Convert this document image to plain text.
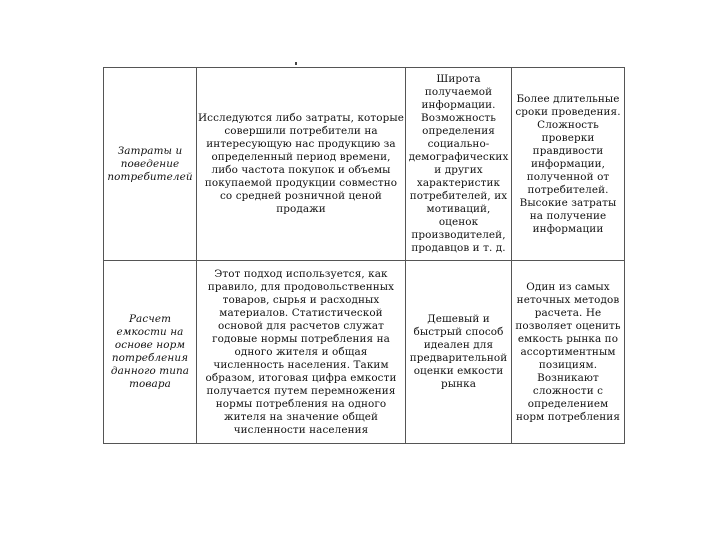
Затраты и поведение потребителей	Исследуются либо затраты, которые совершили потребители на интересующую нас продукцию за определенный период времени, либо частота покупок и объемы покупаемой продукции совместно со средней розничной ценой продажи	Широта получаемой информации. Возможность определения социально-демографических и других характеристик потребителей, их мотиваций, оценок производителей, продавцов и т. д.	Более длительные сроки проведения. Сложность проверки правдивости информации, полученной от потребителей. Высокие затраты на получение информации

Расчет емкости на основе норм потребления данного типа товара	Этот подход используется, как правило, для продовольственных товаров, сырья и расходных материалов. Статистической основой для расчетов служат годовые нормы потребления на одного жителя и общая численность населения. Таким образом, итоговая цифра емкости получается путем перемножения нормы потребления на одного жителя на значение общей численности населения	Дешевый и быстрый способ идеален для предварительной оценки емкости рынка	Один из самых неточных методов расчета. Не позволяет оценить емкость рынка по ассортиментным позициям. Возникают сложности с определением норм потребления
